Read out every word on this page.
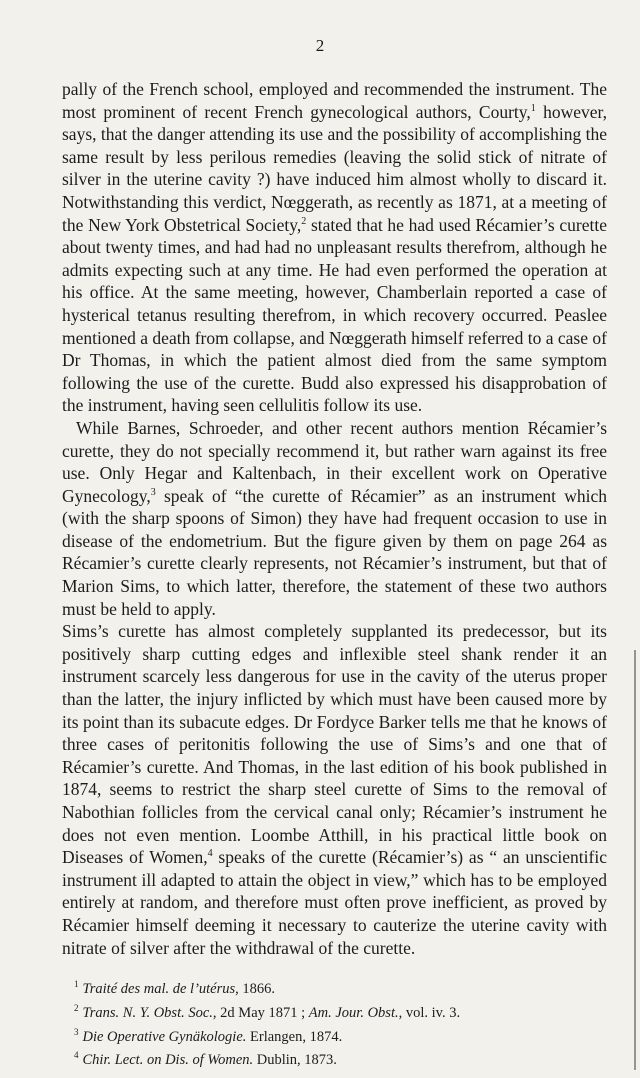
2

pally of the French school, employed and recommended the instrument. The most prominent of recent French gynecological authors, Courty,$^1$ however, says, that the danger attending its use and the possibility of accomplishing the same result by less perilous remedies (leaving the solid stick of nitrate of silver in the uterine cavity ?) have induced him almost wholly to discard it. Notwithstanding this verdict, Nœggerath, as recently as 1871, at a meeting of the New York Obstetrical Society,$^2$ stated that he had used Récamier’s curette about twenty times, and had had no unpleasant results therefrom, although he admits expecting such at any time. He had even performed the operation at his office. At the same meeting, however, Chamberlain reported a case of hysterical tetanus resulting therefrom, in which recovery occurred. Peaslee mentioned a death from collapse, and Nœggerath himself referred to a case of Dr Thomas, in which the patient almost died from the same symptom following the use of the curette. Budd also expressed his disapprobation of the instrument, having seen cellulitis follow its use.

While Barnes, Schroeder, and other recent authors mention Récamier’s curette, they do not specially recommend it, but rather warn against its free use. Only Hegar and Kaltenbach, in their excellent work on Operative Gynecology,$^3$ speak of “the curette of Récamier” as an instrument which (with the sharp spoons of Simon) they have had frequent occasion to use in disease of the endometrium. But the figure given by them on page 264 as Récamier’s curette clearly represents, not Récamier’s instrument, but that of Marion Sims, to which latter, therefore, the statement of these two authors must be held to apply.

Sims’s curette has almost completely supplanted its predecessor, but its positively sharp cutting edges and inflexible steel shank render it an instrument scarcely less dangerous for use in the cavity of the uterus proper than the latter, the injury inflicted by which must have been caused more by its point than its subacute edges. Dr Fordyce Barker tells me that he knows of three cases of peritonitis following the use of Sims’s and one that of Récamier’s curette. And Thomas, in the last edition of his book published in 1874, seems to restrict the sharp steel curette of Sims to the removal of Nabothian follicles from the cervical canal only; Récamier’s instrument he does not even mention. Loombe Atthill, in his practical little book on Diseases of Women,$^4$ speaks of the curette (Récamier’s) as “ an unscientific instrument ill adapted to attain the object in view,” which has to be employed entirely at random, and therefore must often prove inefficient, as proved by Récamier himself deeming it necessary to cauterize the uterine cavity with nitrate of silver after the withdrawal of the curette.

$^1$ Traité des mal. de l’utérus, 1866.
$^2$ Trans. N. Y. Obst. Soc., 2d May 1871 ; Am. Jour. Obst., vol. iv. 3.
$^3$ Die Operative Gynäkologie. Erlangen, 1874.
$^4$ Chir. Lect. on Dis. of Women. Dublin, 1873.
